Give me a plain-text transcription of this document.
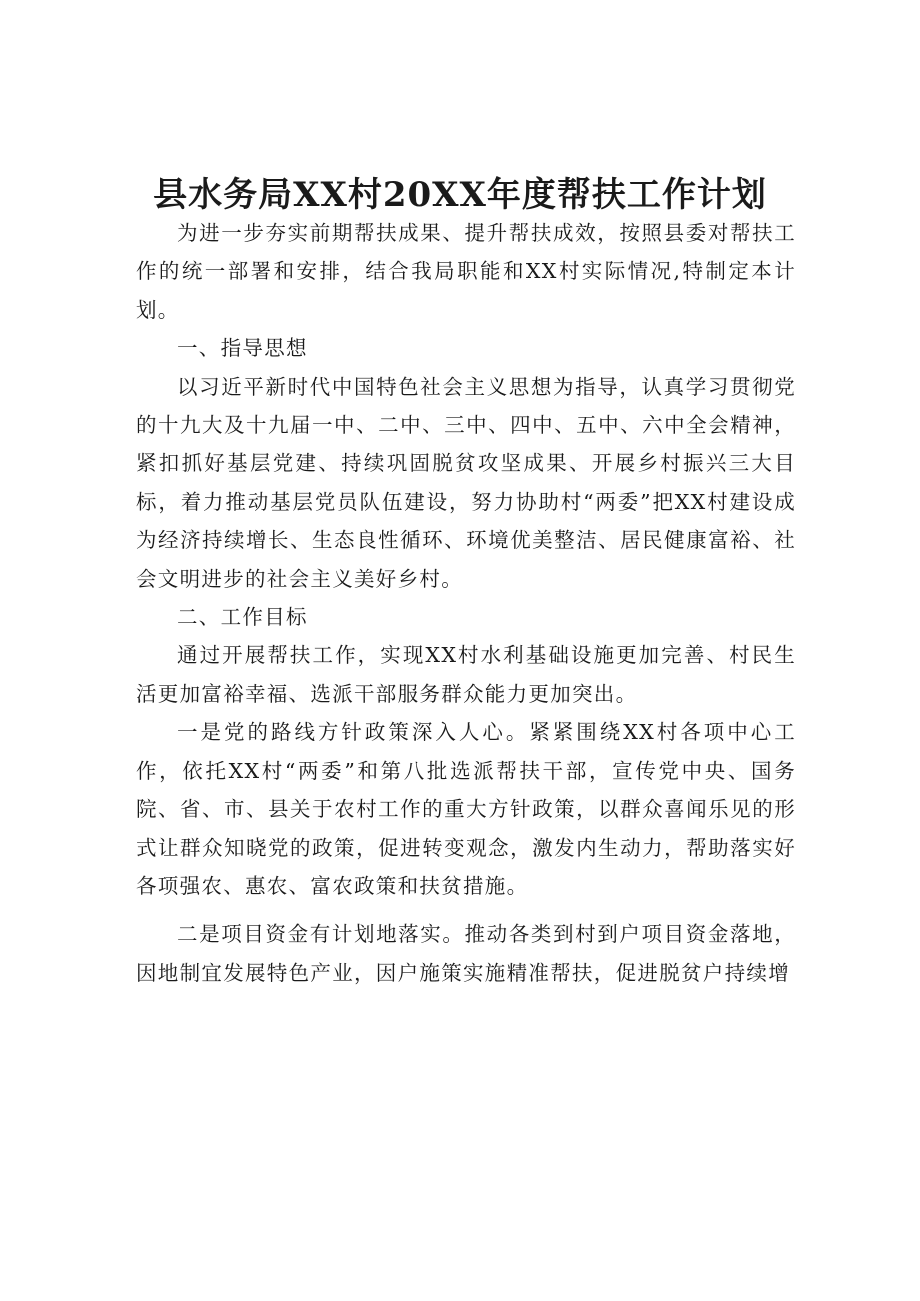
县水务局XX村20XX年度帮扶工作计划

为进一步夯实前期帮扶成果、提升帮扶成效，按照县委对帮扶工作的统一部署和安排，结合我局职能和XX村实际情况,特制定本计划。

一、指导思想

以习近平新时代中国特色社会主义思想为指导，认真学习贯彻党的十九大及十九届一中、二中、三中、四中、五中、六中全会精神，紧扣抓好基层党建、持续巩固脱贫攻坚成果、开展乡村振兴三大目标，着力推动基层党员队伍建设，努力协助村“两委”把XX村建设成为经济持续增长、生态良性循环、环境优美整洁、居民健康富裕、社会文明进步的社会主义美好乡村。

二、工作目标

通过开展帮扶工作，实现XX村水利基础设施更加完善、村民生活更加富裕幸福、选派干部服务群众能力更加突出。

一是党的路线方针政策深入人心。紧紧围绕XX村各项中心工作，依托XX村“两委”和第八批选派帮扶干部，宣传党中央、国务院、省、市、县关于农村工作的重大方针政策，以群众喜闻乐见的形式让群众知晓党的政策，促进转变观念，激发内生动力，帮助落实好各项强农、惠农、富农政策和扶贫措施。

二是项目资金有计划地落实。推动各类到村到户项目资金落地，因地制宜发展特色产业，因户施策实施精准帮扶，促进脱贫户持续增
